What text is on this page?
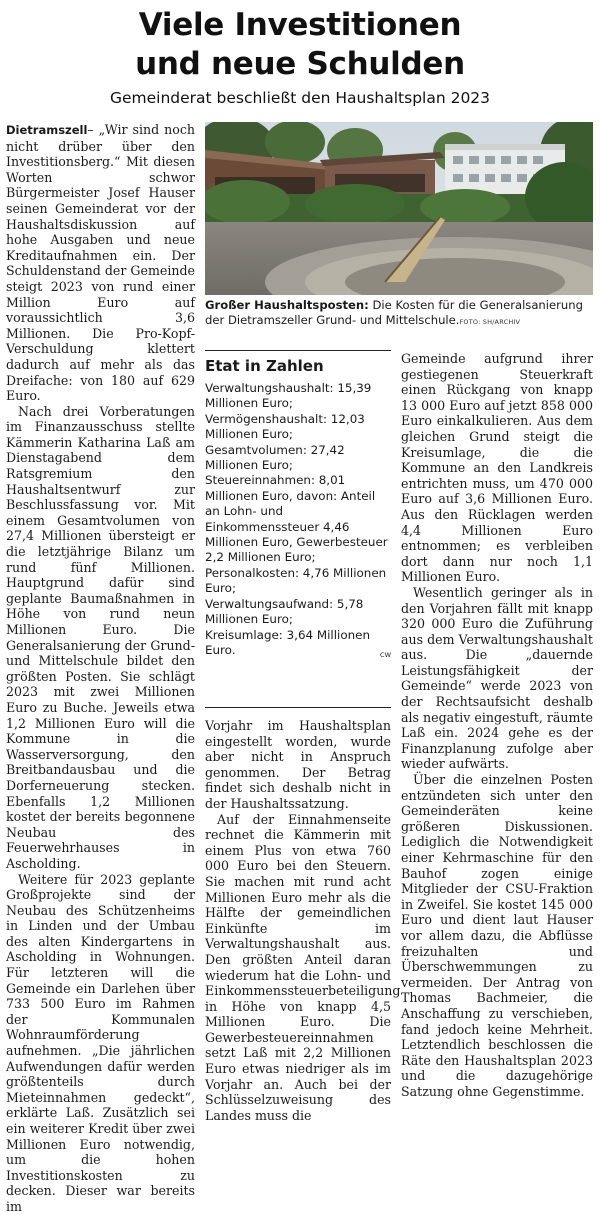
Viele Investitionen
und neue Schulden
Gemeinderat beschließt den Haushaltsplan 2023

Dietramszell– „Wir sind noch nicht drüber über den Investitionsberg.“ Mit diesen Worten schwor Bürgermeister Josef Hauser seinen Gemeinderat vor der Haushaltsdiskussion auf hohe Ausgaben und neue Kreditaufnahmen ein. Der Schuldenstand der Gemeinde steigt 2023 von rund einer Million Euro auf voraussichtlich 3,6 Millionen. Die Pro-Kopf-Verschuldung klettert dadurch auf mehr als das Dreifache: von 180 auf 629 Euro.

Nach drei Vorberatungen im Finanzausschuss stellte Kämmerin Katharina Laß am Dienstagabend dem Ratsgremium den Haushaltsentwurf zur Beschlussfassung vor. Mit einem Gesamtvolumen von 27,4 Millionen übersteigt er die letztjährige Bilanz um rund fünf Millionen. Hauptgrund dafür sind geplante Baumaßnahmen in Höhe von rund neun Millionen Euro. Die Generalsanierung der Grund- und Mittelschule bildet den größten Posten. Sie schlägt 2023 mit zwei Millionen Euro zu Buche. Jeweils etwa 1,2 Millionen Euro will die Kommune in die Wasserversorgung, den Breitbandausbau und die Dorferneuerung stecken. Ebenfalls 1,2 Millionen kostet der bereits begonnene Neubau des Feuerwehrhauses in Ascholding.

Weitere für 2023 geplante Großprojekte sind der Neubau des Schützenheims in Linden und der Umbau des alten Kindergartens in Ascholding in Wohnungen. Für letzteren will die Gemeinde ein Darlehen über 733 500 Euro im Rahmen der Kommunalen Wohnraumförderung aufnehmen. „Die jährlichen Aufwendungen dafür werden größtenteils durch Mieteinnahmen gedeckt“, erklärte Laß. Zusätzlich sei ein weiterer Kredit über zwei Millionen Euro notwendig, um die hohen Investitionskosten zu decken. Dieser war bereits im

Großer Haushaltsposten: Die Kosten für die Generalsanierung der Dietramszeller Grund- und Mittelschule.FOTO: SH/ARCHIV
Etat in Zahlen
Verwaltungshaushalt: 15,39 Millionen Euro;
Vermögenshaushalt: 12,03 Millionen Euro;
Gesamtvolumen: 27,42 Millionen Euro;
Steuereinnahmen: 8,01 Millionen Euro, davon: Anteil an Lohn- und Einkommenssteuer 4,46 Millionen Euro, Gewerbesteuer 2,2 Millionen Euro;
Personalkosten: 4,76 Millionen Euro;
Verwaltungsaufwand: 5,78 Millionen Euro;
Kreisumlage: 3,64 Millionen Euro.	CW

Vorjahr im Haushaltsplan eingestellt worden, wurde aber nicht in Anspruch genommen. Der Betrag findet sich deshalb nicht in der Haushaltssatzung.

Auf der Einnahmenseite rechnet die Kämmerin mit einem Plus von etwa 760 000 Euro bei den Steuern. Sie machen mit rund acht Millionen Euro mehr als die Hälfte der gemeindlichen Einkünfte im Verwaltungshaushalt aus. Den größten Anteil daran wiederum hat die Lohn- und Einkommenssteuerbeteiligung in Höhe von knapp 4,5 Millionen Euro. Die Gewerbesteuereinnahmen setzt Laß mit 2,2 Millionen Euro etwas niedriger als im Vorjahr an. Auch bei der Schlüsselzuweisung des Landes muss die

Gemeinde aufgrund ihrer gestiegenen Steuerkraft einen Rückgang von knapp 13 000 Euro auf jetzt 858 000 Euro einkalkulieren. Aus dem gleichen Grund steigt die Kreisumlage, die die Kommune an den Landkreis entrichten muss, um 470 000 Euro auf 3,6 Millionen Euro. Aus den Rücklagen werden 4,4 Millionen Euro entnommen; es verbleiben dort dann nur noch 1,1 Millionen Euro.

Wesentlich geringer als in den Vorjahren fällt mit knapp 320 000 Euro die Zuführung aus dem Verwaltungshaushalt aus. Die „dauernde Leistungsfähigkeit der Gemeinde“ werde 2023 von der Rechtsaufsicht deshalb als negativ eingestuft, räumte Laß ein. 2024 gehe es der Finanzplanung zufolge aber wieder aufwärts.

Über die einzelnen Posten entzündeten sich unter den Gemeinderäten keine größeren Diskussionen. Lediglich die Notwendigkeit einer Kehrmaschine für den Bauhof zogen einige Mitglieder der CSU-Fraktion in Zweifel. Sie kostet 145 000 Euro und dient laut Hauser vor allem dazu, die Abflüsse freizuhalten und Überschwemmungen zu vermeiden. Der Antrag von Thomas Bachmeier, die Anschaffung zu verschieben, fand jedoch keine Mehrheit. Letztendlich beschlossen die Räte den Haushaltsplan 2023 und die dazugehörige Satzung ohne Gegenstimme.
